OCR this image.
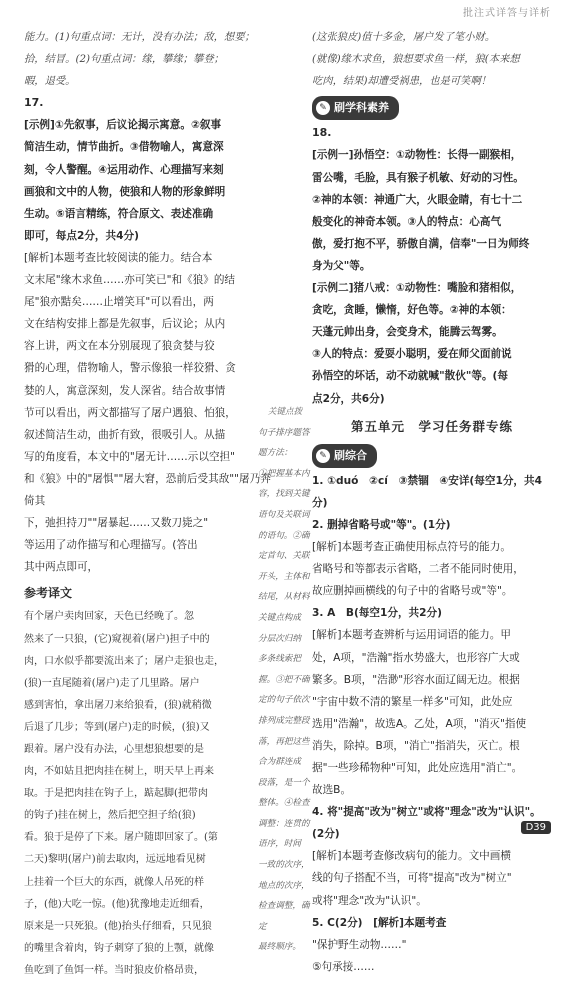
批注式详答与详析

能力。(1)句重点词：无计，没有办法；敌，想要；
拾，结冒。(2)句重点词：缘，攀缘；攀登；
暇，退受。

17.

[示例]①先叙事，后议论揭示寓意。②叙事
简洁生动，情节曲折。③借物喻人，寓意深
刻，令人警醒。④运用动作、心理描写来刻
画狼和文中的人物，使狼和人物的形象鲜明
生动。⑤语言精练，符合原文、表述准确
即可，每点2分，共4分)
[解析]本题考查比较阅读的能力。结合本
文末尾"缘木求鱼……亦可笑已"和《狼》的结
尾"狼亦黠矣……止增笑耳"可以看出，两
文在结构安排上都是先叙事，后议论；从内
容上讲，两文在本分别展现了狼贪婪与狡
猾的心理，借物喻人，警示像狼一样狡猾、贪
婪的人，寓意深刻，发人深省。结合故事情
节可以看出，两文都描写了屠户遇狼、怕狼，
叙述简洁生动，曲折有致，很吸引人。从描
写的角度看，本文中的"屠无计……示以空担"
和《狼》中的"屠惧""屠大窘，恐前后受其敌""屠乃奔倚其
下，弛担持刀""屠暴起……又数刀毙之"
等运用了动作描写和心理描写。(答出
其中两点即可，
参考译文
有个屠户卖肉回家，天色已经晚了。忽
然来了一只狼，(它)窥视着(屠户)担子中的
肉，口水似乎都要流出来了；屠户走狼也走，
(狼)一直尾随着(屠户)走了几里路。屠户
感到害怕，拿出屠刀来给狼看，(狼)就稍微
后退了几步；等到(屠户)走的时候，(狼)又
跟着。屠户没有办法，心里想狼想要的是
肉，不如姑且把肉挂在树上，明天早上再来
取。于是把肉挂在钩子上，踮起脚(把带肉
的钩子)挂在树上，然后把空担子给(狼)
看。狼于是停了下来。屠户随即回家了。(第
二天)黎明(屠户)前去取肉，远远地看见树
上挂着一个巨大的东西，就像人吊死的样
子，(他)大吃一惊。(他)犹豫地走近细看，
原来是一只死狼。(他)抬头仔细看，只见狼
的嘴里含着肉，钩子刺穿了狼的上颚，就像
鱼吃到了鱼饵一样。当时狼皮价格昂贵，
关键点拨
句子排序题答
题方法：
①把握基本内
容，找到关键
语句及关联词
的语句。②确
定首句、关联
开头，主体和
结尾，从材料
关键点构成
分层次归纳
多条线索把
握。③把不确
定的句子依次
排列成完整段
落，再把这些
合为群连成
段落，是一个
整体。④检查
调整：连贯的
语序，时间
一致的次序，
地点的次序，
检查调整，确定
最终顺序。
(这张狼皮)值十多金，屠户发了笔小财。
(就像)缘木求鱼，狼想要求鱼一样，狼(本来想
吃肉，结果)却遭受祸患，也是可笑啊！
✎ 刷学科素养
18.
[示例一]孙悟空：①动物性：长得一副猴相，
雷公嘴，毛脸，具有猴子机敏、好动的习性。
②神的本领：神通广大，火眼金睛，有七十二
般变化的神奇本领。③人的特点：心高气
傲，爱打抱不平，骄傲自满，信奉"一日为师终
身为父"等。
[示例二]猪八戒：①动物性：嘴脸和猪相似，
贪吃，贪睡，懒惰，好色等。②神的本领：
天蓬元帅出身，会变身术，能腾云驾雾。
③人的特点：爱耍小聪明，爱在师父面前说
孙悟空的坏话，动不动就喊"散伙"等。(每
点2分，共6分)
第五单元　学习任务群专练
✎ 刷综合

1. ①duó　②cí　③禁锢　④安详(每空1分，共4分)

2. 删掉省略号或"等"。(1分)

[解析]本题考查正确使用标点符号的能力。
省略号和等都表示省略，二者不能同时使用，
故应删掉画横线的句子中的省略号或"等"。

3. A　B(每空1分，共2分)

[解析]本题考查辨析与运用词语的能力。甲
处，A项，"浩瀚"指水势盛大，也形容广大或
繁多。B项，"浩渺"形容水面辽阔无边。根据
"宇宙中数不清的繁星一样多"可知，此处应
选用"浩瀚"，故选A。乙处，A项，"消灭"指使
消失，除掉。B项，"消亡"指消失，灭亡。根
据"一些珍稀物种"可知，此处应选用"消亡"。
故选B。

4. 将"提高"改为"树立"或将"理念"改为"认识"。(2分)

[解析]本题考查修改病句的能力。文中画横
线的句子搭配不当，可将"提高"改为"树立"
或将"理念"改为"认识"。

5. C(2分)　[解析]本题考查

"保护野生动物……"
⑤句承接……
D39
